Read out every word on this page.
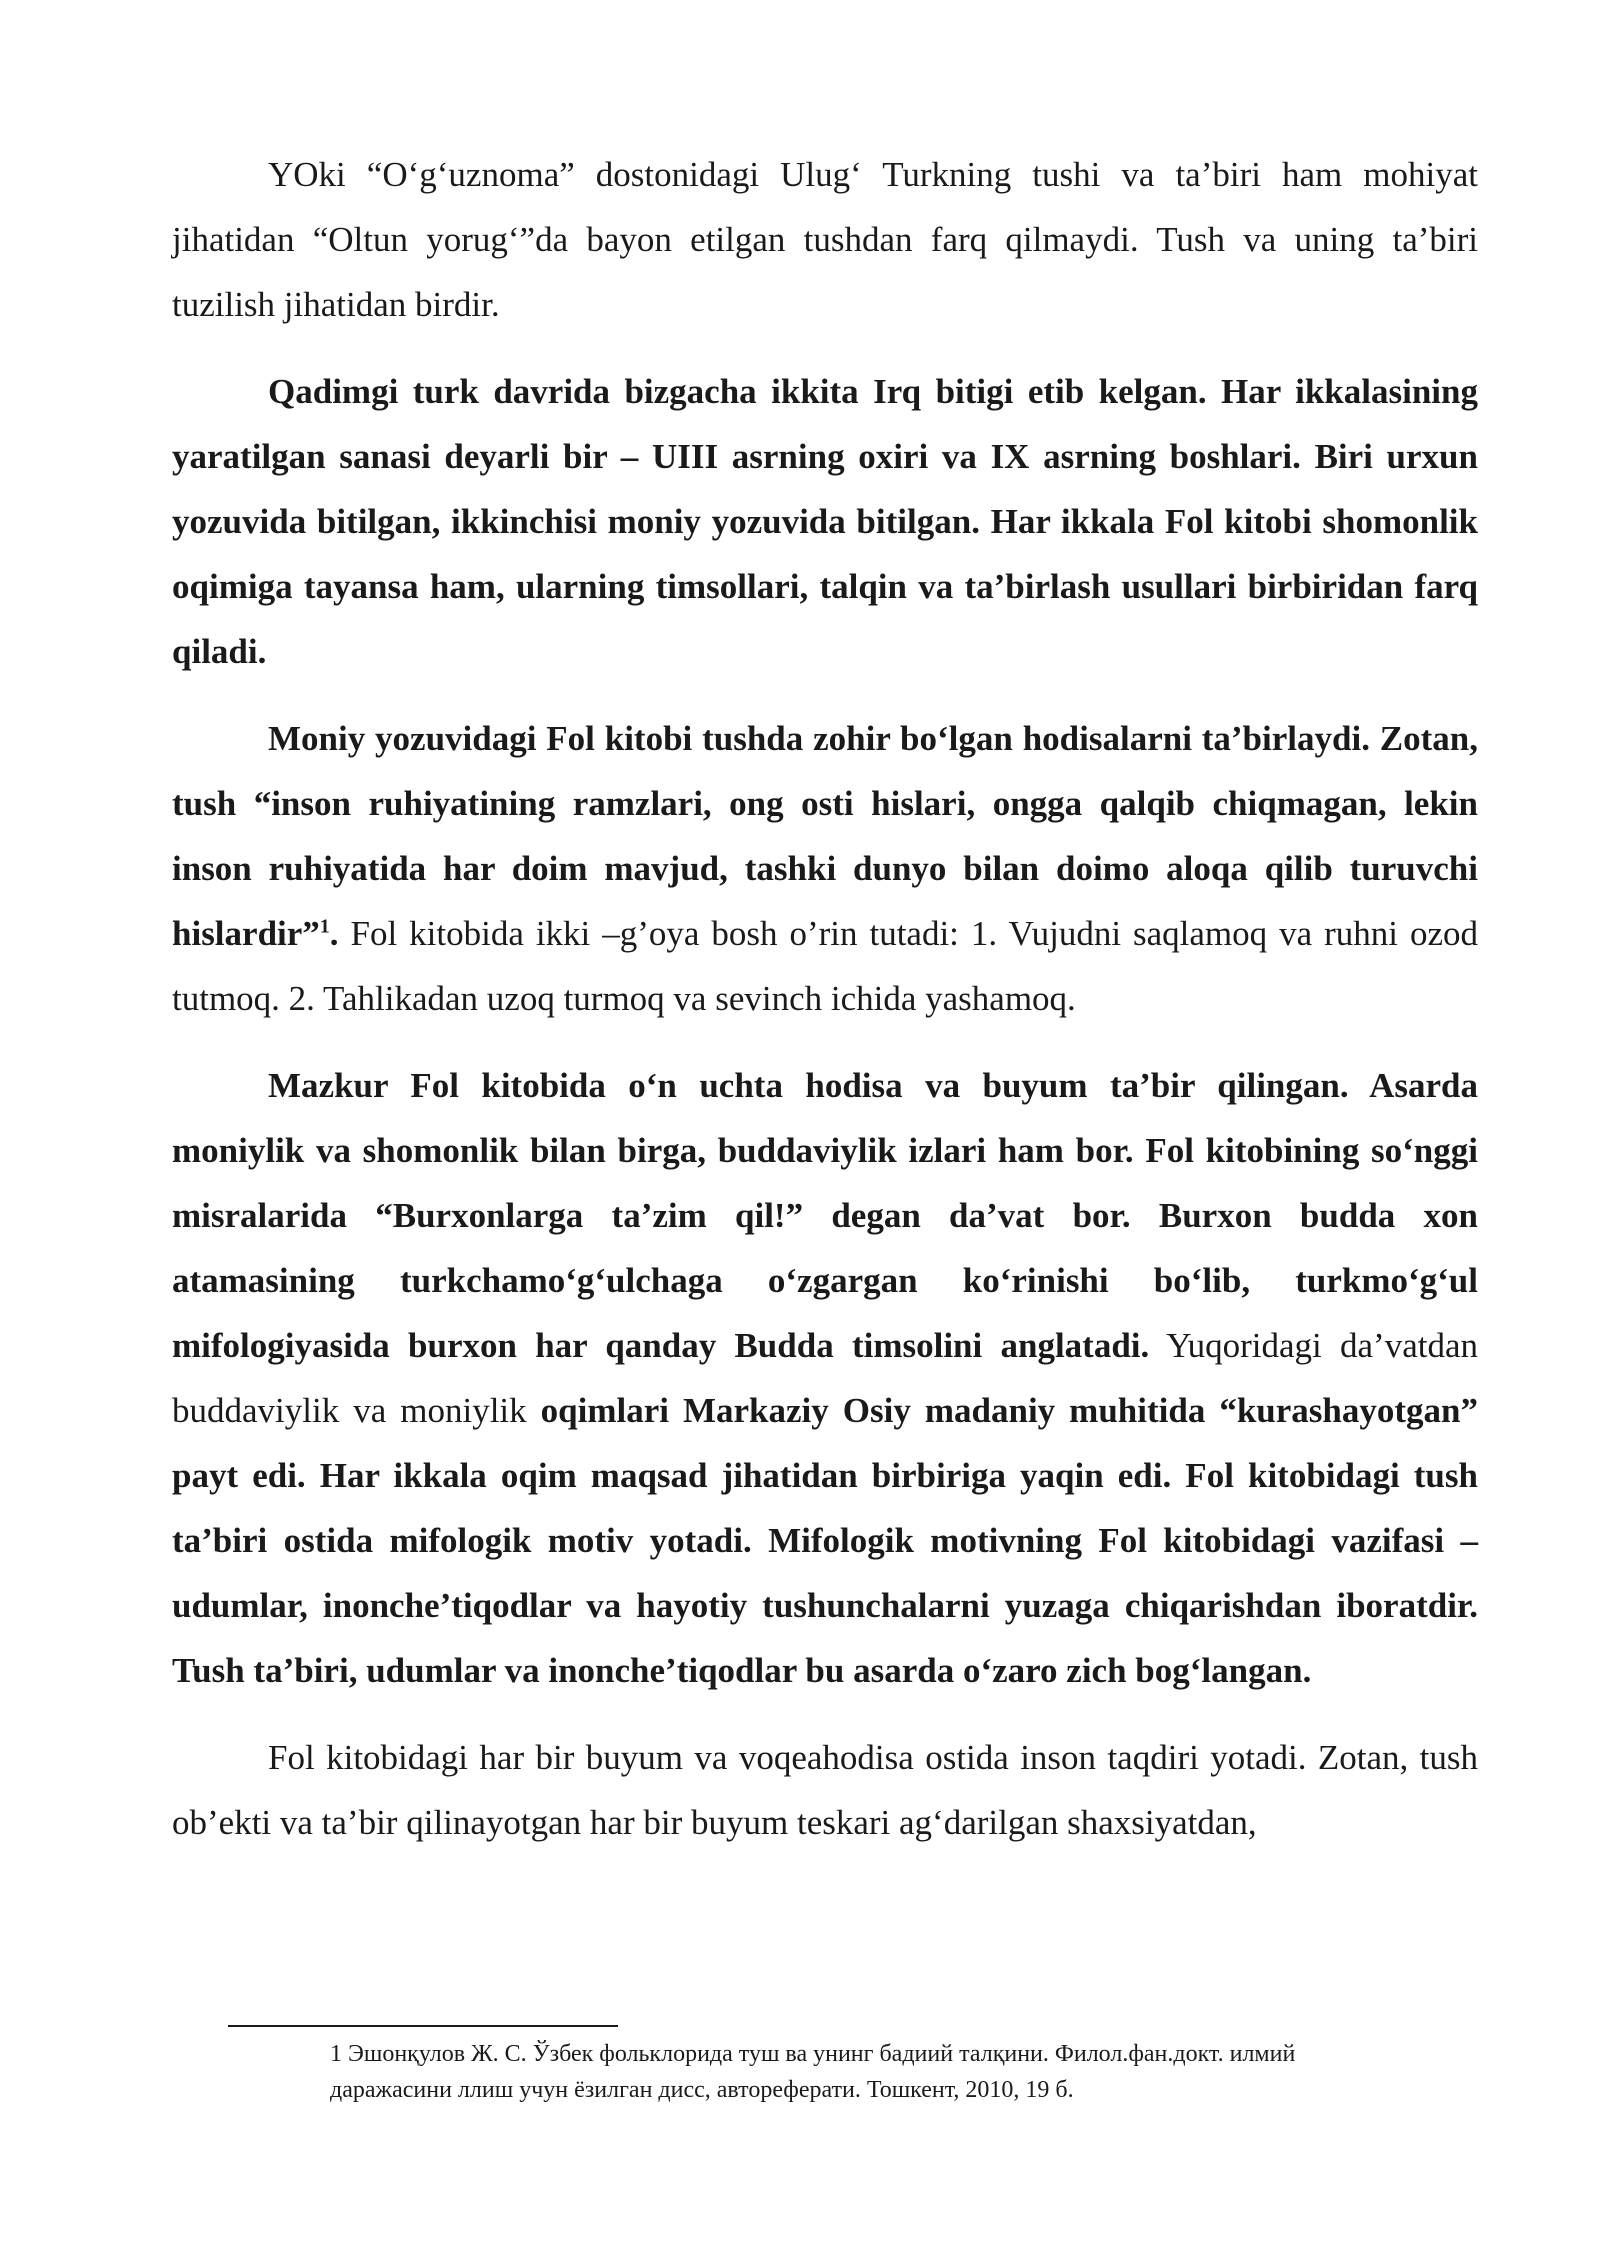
YOki “O‘g‘uznoma” dostonidagi Ulug‘ Turkning tushi va ta’biri ham mohiyat jihatidan “Oltun yorug‘”da bayon etilgan tushdan farq qilmaydi. Tush va uning ta’biri tuzilish jihatidan birdir.

Qadimgi turk davrida bizgacha ikkita Irq bitigi etib kelgan. Har ikkalasining yaratilgan sanasi deyarli bir – UIII asrning oxiri va IX asrning boshlari. Biri urxun yozuvida bitilgan, ikkinchisi moniy yozuvida bitilgan. Har ikkala Fol kitobi shomonlik oqimiga tayansa ham, ularning timsollari, talqin va ta’birlash usullari birbiridan farq qiladi.

Moniy yozuvidagi Fol kitobi tushda zohir bo‘lgan hodisalarni ta’birlaydi. Zotan, tush “inson ruhiyatining ramzlari, ong osti hislari, ongga qalqib chiqmagan, lekin inson ruhiyatida har doim mavjud, tashki dunyo bilan doimo aloqa qilib turuvchi hislardir”$^1$. Fol kitobida ikki –g’oya bosh o’rin tutadi: 1. Vujudni saqlamoq va ruhni ozod tutmoq. 2. Tahlikadan uzoq turmoq va sevinch ichida yashamoq.

Mazkur Fol kitobida o‘n uchta hodisa va buyum ta’bir qilingan. Asarda moniylik va shomonlik bilan birga, buddaviylik izlari ham bor. Fol kitobining so‘nggi misralarida “Burxonlarga ta’zim qil!” degan da’vat bor. Burxon budda xon atamasining turkchamo‘g‘ulchaga o‘zgargan ko‘rinishi bo‘lib, turkmo‘g‘ul mifologiyasida burxon har qanday Budda timsolini anglatadi. Yuqoridagi da’vatdan buddaviylik va moniylik oqimlari Markaziy Osiy madaniy muhitida “kurashayotgan” payt edi. Har ikkala oqim maqsad jihatidan birbiriga yaqin edi. Fol kitobidagi tush ta’biri ostida mifologik motiv yotadi. Mifologik motivning Fol kitobidagi vazifasi – udumlar, inonche’tiqodlar va hayotiy tushunchalarni yuzaga chiqarishdan iboratdir. Tush ta’biri, udumlar va inonche’tiqodlar bu asarda o‘zaro zich bog‘langan.

Fol kitobidagi har bir buyum va voqeahodisa ostida inson taqdiri yotadi. Zotan, tush ob’ekti va ta’bir qilinayotgan har bir buyum teskari ag‘darilgan shaxsiyatdan,

1 Эшонқулов Ж. С. Ўзбек фольклорида туш ва унинг бадиий талқини. Филол.фан.докт. илмий даражасини ллиш учун ёзилган дисс, автореферати. Тошкент, 2010, 19 б.
